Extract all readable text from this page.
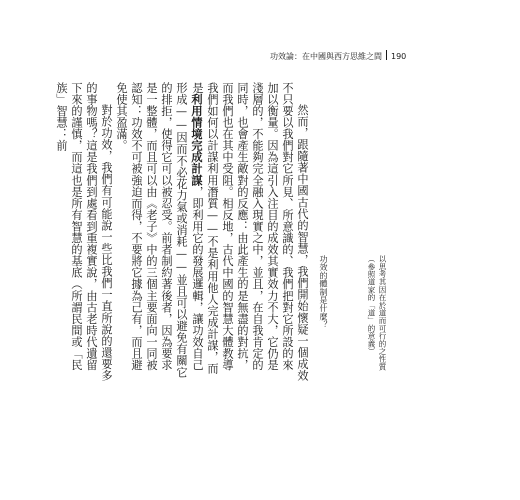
功效論：在中國與西方思維之間 190

然而，跟隨著中國古代的智慧，我們開始懷疑一個成效不只要以我們對它所見、所意識的、我們把對它所設的來加以衡量。因為這引入注目的成效其實效力不大，它仍是淺層的，不能夠完全融入現實之中，並且，在自我肯定的同時，也會產生敵對的反應：由此產生的是無盡的對抗，而我們也在其中受阻。相反地，古代中國的智慧大體教導我們如何以計謀利用潛質——不是利用他人完成計謀，而是利用情境完成計謀，即利用它的發展邏輯，讓功效自己形成——因而不必花力氣或消耗——並且可以避免有關它的排拒，使得它可以被忍受。前者制約著後者，因為要求是一整體，而且可以由《老子》中的三個主要面向一同被認知：功效不可被強迫而得，不要將它據為己有，而且避免使其盈滿。

對於功效，我們有可能說一些比我們一直所說的還要多的事物嗎？這是我們到處看到重複實說，由古老時代遺留下來的謹慎，而這也是所有智慧的基底（所謂民間或「民族」智慧：前

以思考其因在於道而可行的之性質（參照道家的「道」的意義）
功效的體制是什麼？
